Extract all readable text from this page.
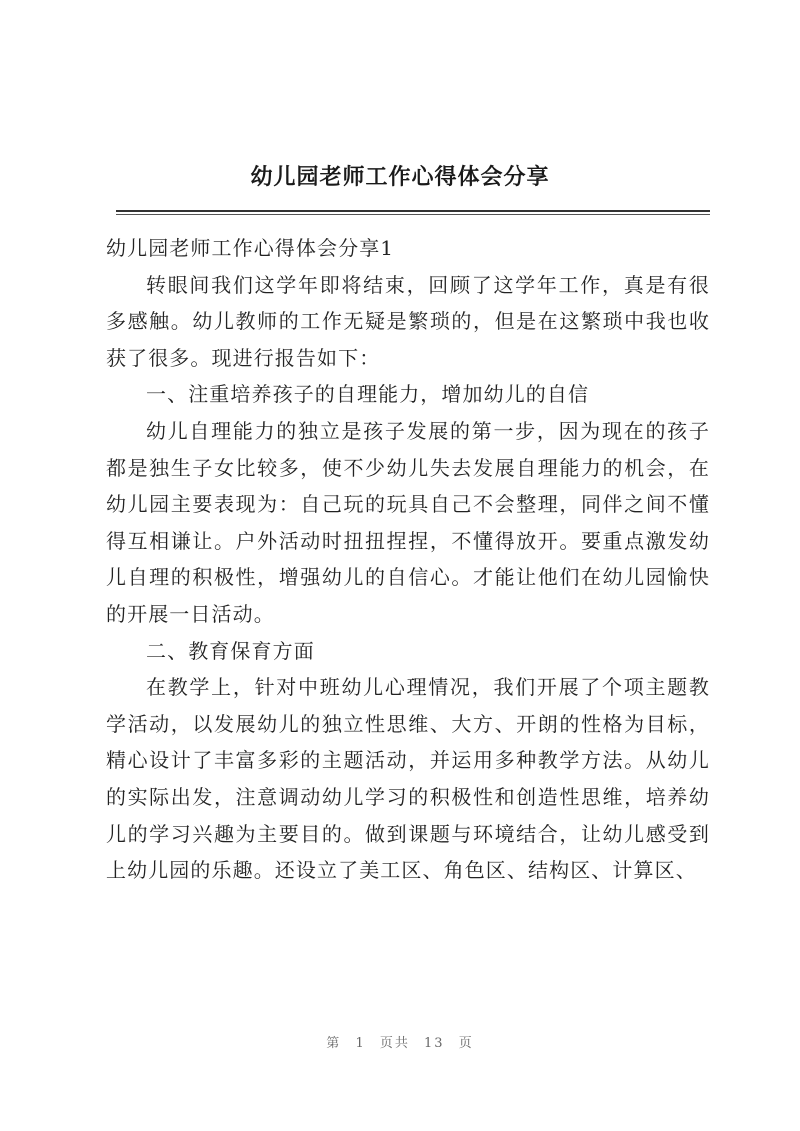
幼儿园老师工作心得体会分享

幼儿园老师工作心得体会分享1

转眼间我们这学年即将结束，回顾了这学年工作，真是有很多感触。幼儿教师的工作无疑是繁琐的，但是在这繁琐中我也收获了很多。现进行报告如下：

一、注重培养孩子的自理能力，增加幼儿的自信

幼儿自理能力的独立是孩子发展的第一步，因为现在的孩子都是独生子女比较多，使不少幼儿失去发展自理能力的机会，在幼儿园主要表现为：自己玩的玩具自己不会整理，同伴之间不懂得互相谦让。户外活动时扭扭捏捏，不懂得放开。要重点激发幼儿自理的积极性，增强幼儿的自信心。才能让他们在幼儿园愉快的开展一日活动。

二、教育保育方面

在教学上，针对中班幼儿心理情况，我们开展了个项主题教学活动，以发展幼儿的独立性思维、大方、开朗的性格为目标，精心设计了丰富多彩的主题活动，并运用多种教学方法。从幼儿的实际出发，注意调动幼儿学习的积极性和创造性思维，培养幼儿的学习兴趣为主要目的。做到课题与环境结合，让幼儿感受到上幼儿园的乐趣。还设立了美工区、角色区、结构区、计算区、

第 1 页共 13 页
